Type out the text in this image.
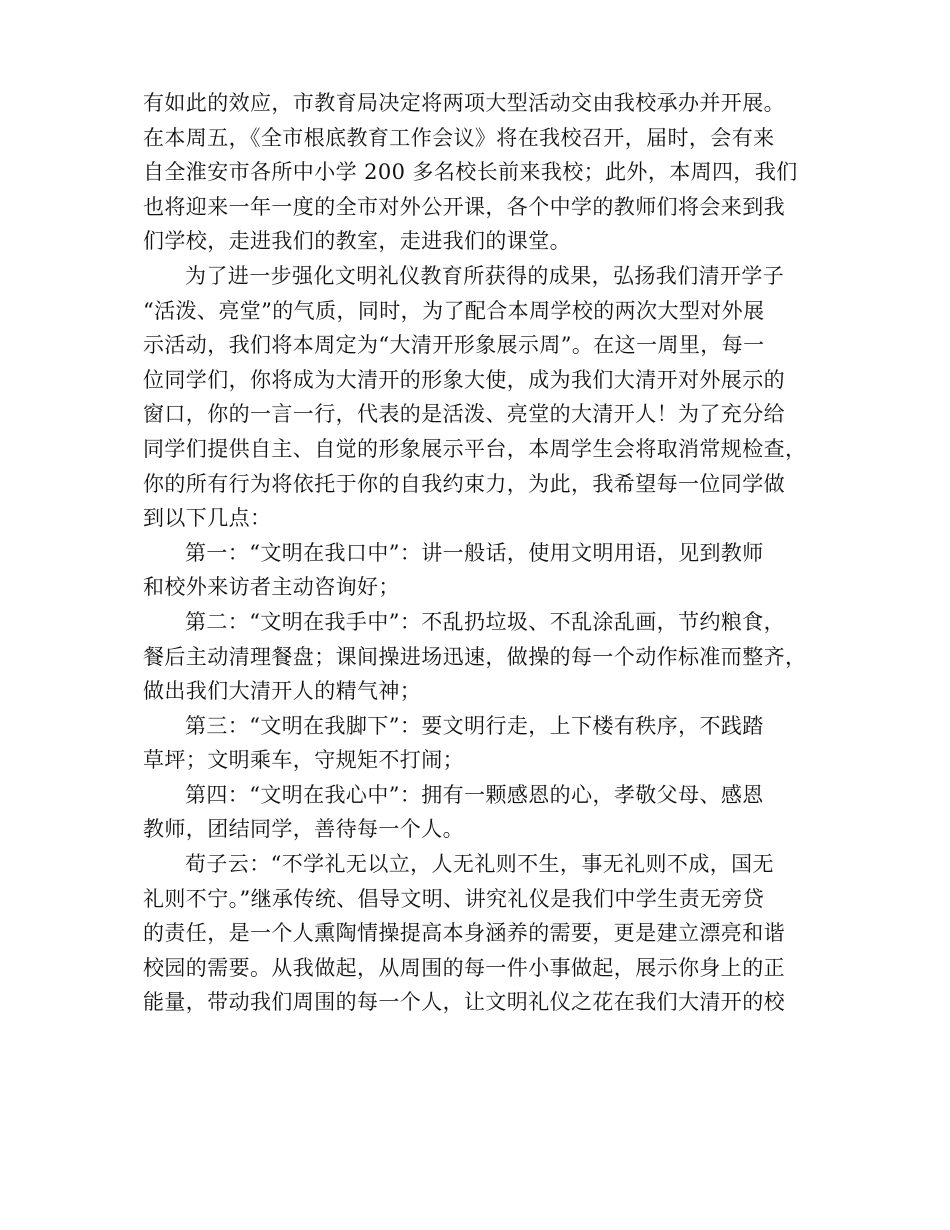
有如此的效应，市教育局决定将两项大型活动交由我校承办并开展。
在本周五，《全市根底教育工作会议》将在我校召开，届时，会有来
自全淮安市各所中小学 200 多名校长前来我校；此外，本周四，我们
也将迎来一年一度的全市对外公开课，各个中学的教师们将会来到我
们学校，走进我们的教室，走进我们的课堂。
为了进一步强化文明礼仪教育所获得的成果，弘扬我们清开学子
“活泼、亮堂”的气质，同时，为了配合本周学校的两次大型对外展
示活动，我们将本周定为“大清开形象展示周”。在这一周里，每一
位同学们，你将成为大清开的形象大使，成为我们大清开对外展示的
窗口，你的一言一行，代表的是活泼、亮堂的大清开人！为了充分给
同学们提供自主、自觉的形象展示平台，本周学生会将取消常规检查，
你的所有行为将依托于你的自我约束力，为此，我希望每一位同学做
到以下几点：
第一：“文明在我口中”：讲一般话，使用文明用语，见到教师
和校外来访者主动咨询好；
第二：“文明在我手中”：不乱扔垃圾、不乱涂乱画，节约粮食，
餐后主动清理餐盘；课间操进场迅速，做操的每一个动作标准而整齐，
做出我们大清开人的精气神；
第三：“文明在我脚下”：要文明行走，上下楼有秩序，不践踏
草坪；文明乘车，守规矩不打闹；
第四：“文明在我心中”：拥有一颗感恩的心，孝敬父母、感恩
教师，团结同学，善待每一个人。
荀子云：“不学礼无以立，人无礼则不生，事无礼则不成，国无
礼则不宁。”继承传统、倡导文明、讲究礼仪是我们中学生责无旁贷
的责任，是一个人熏陶情操提高本身涵养的需要，更是建立漂亮和谐
校园的需要。从我做起，从周围的每一件小事做起，展示你身上的正
能量，带动我们周围的每一个人，让文明礼仪之花在我们大清开的校
